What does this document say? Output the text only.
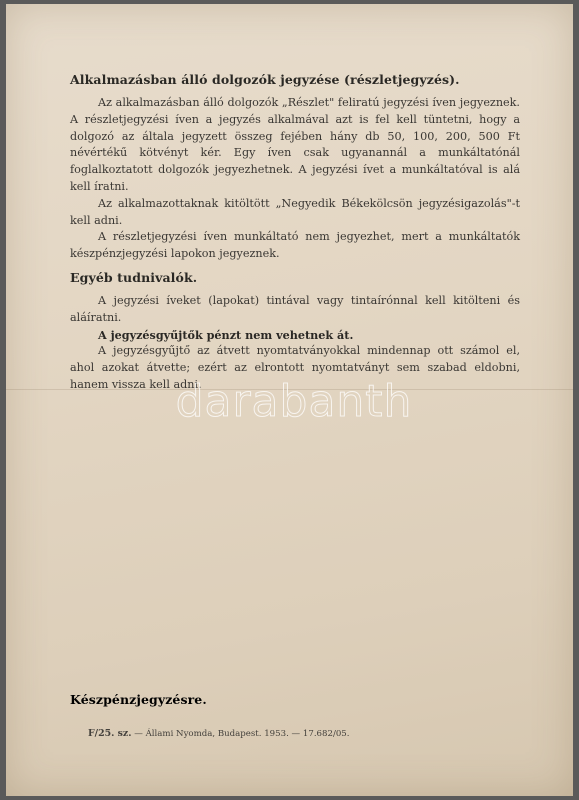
Alkalmazásban álló dolgozók jegyzése (részletjegyzés).

Az alkalmazásban álló dolgozók „Részlet" feliratú jegyzési íven jegyeznek. A részletjegyzési íven a jegyzés alkalmával azt is fel kell tüntetni, hogy a dolgozó az általa jegyzett összeg fejében hány db 50, 100, 200, 500 Ft névértékű kötvényt kér. Egy íven csak ugyanannál a munkáltatónál foglalkoztatott dolgozók jegyezhetnek. A jegyzési ívet a munkáltatóval is alá kell íratni.

Az alkalmazottaknak kitöltött „Negyedik Békekölcsön jegyzésigazolás"-t kell adni.

A részletjegyzési íven munkáltató nem jegyezhet, mert a munkáltatók készpénzjegyzési lapokon jegyeznek.

Egyéb tudnivalók.

A jegyzési íveket (lapokat) tintával vagy tintaírónnal kell kitölteni és aláíratni.

A jegyzésgyűjtők pénzt nem vehetnek át.

A jegyzésgyűjtő az átvett nyomtatványokkal mindennap ott számol el, ahol azokat átvette; ezért az elrontott nyomtatványt sem szabad eldobni, hanem vissza kell adni.

darabanth

Készpénzjegyzésre.

F/25. sz. — Állami Nyomda, Budapest. 1953. — 17.682/05.
